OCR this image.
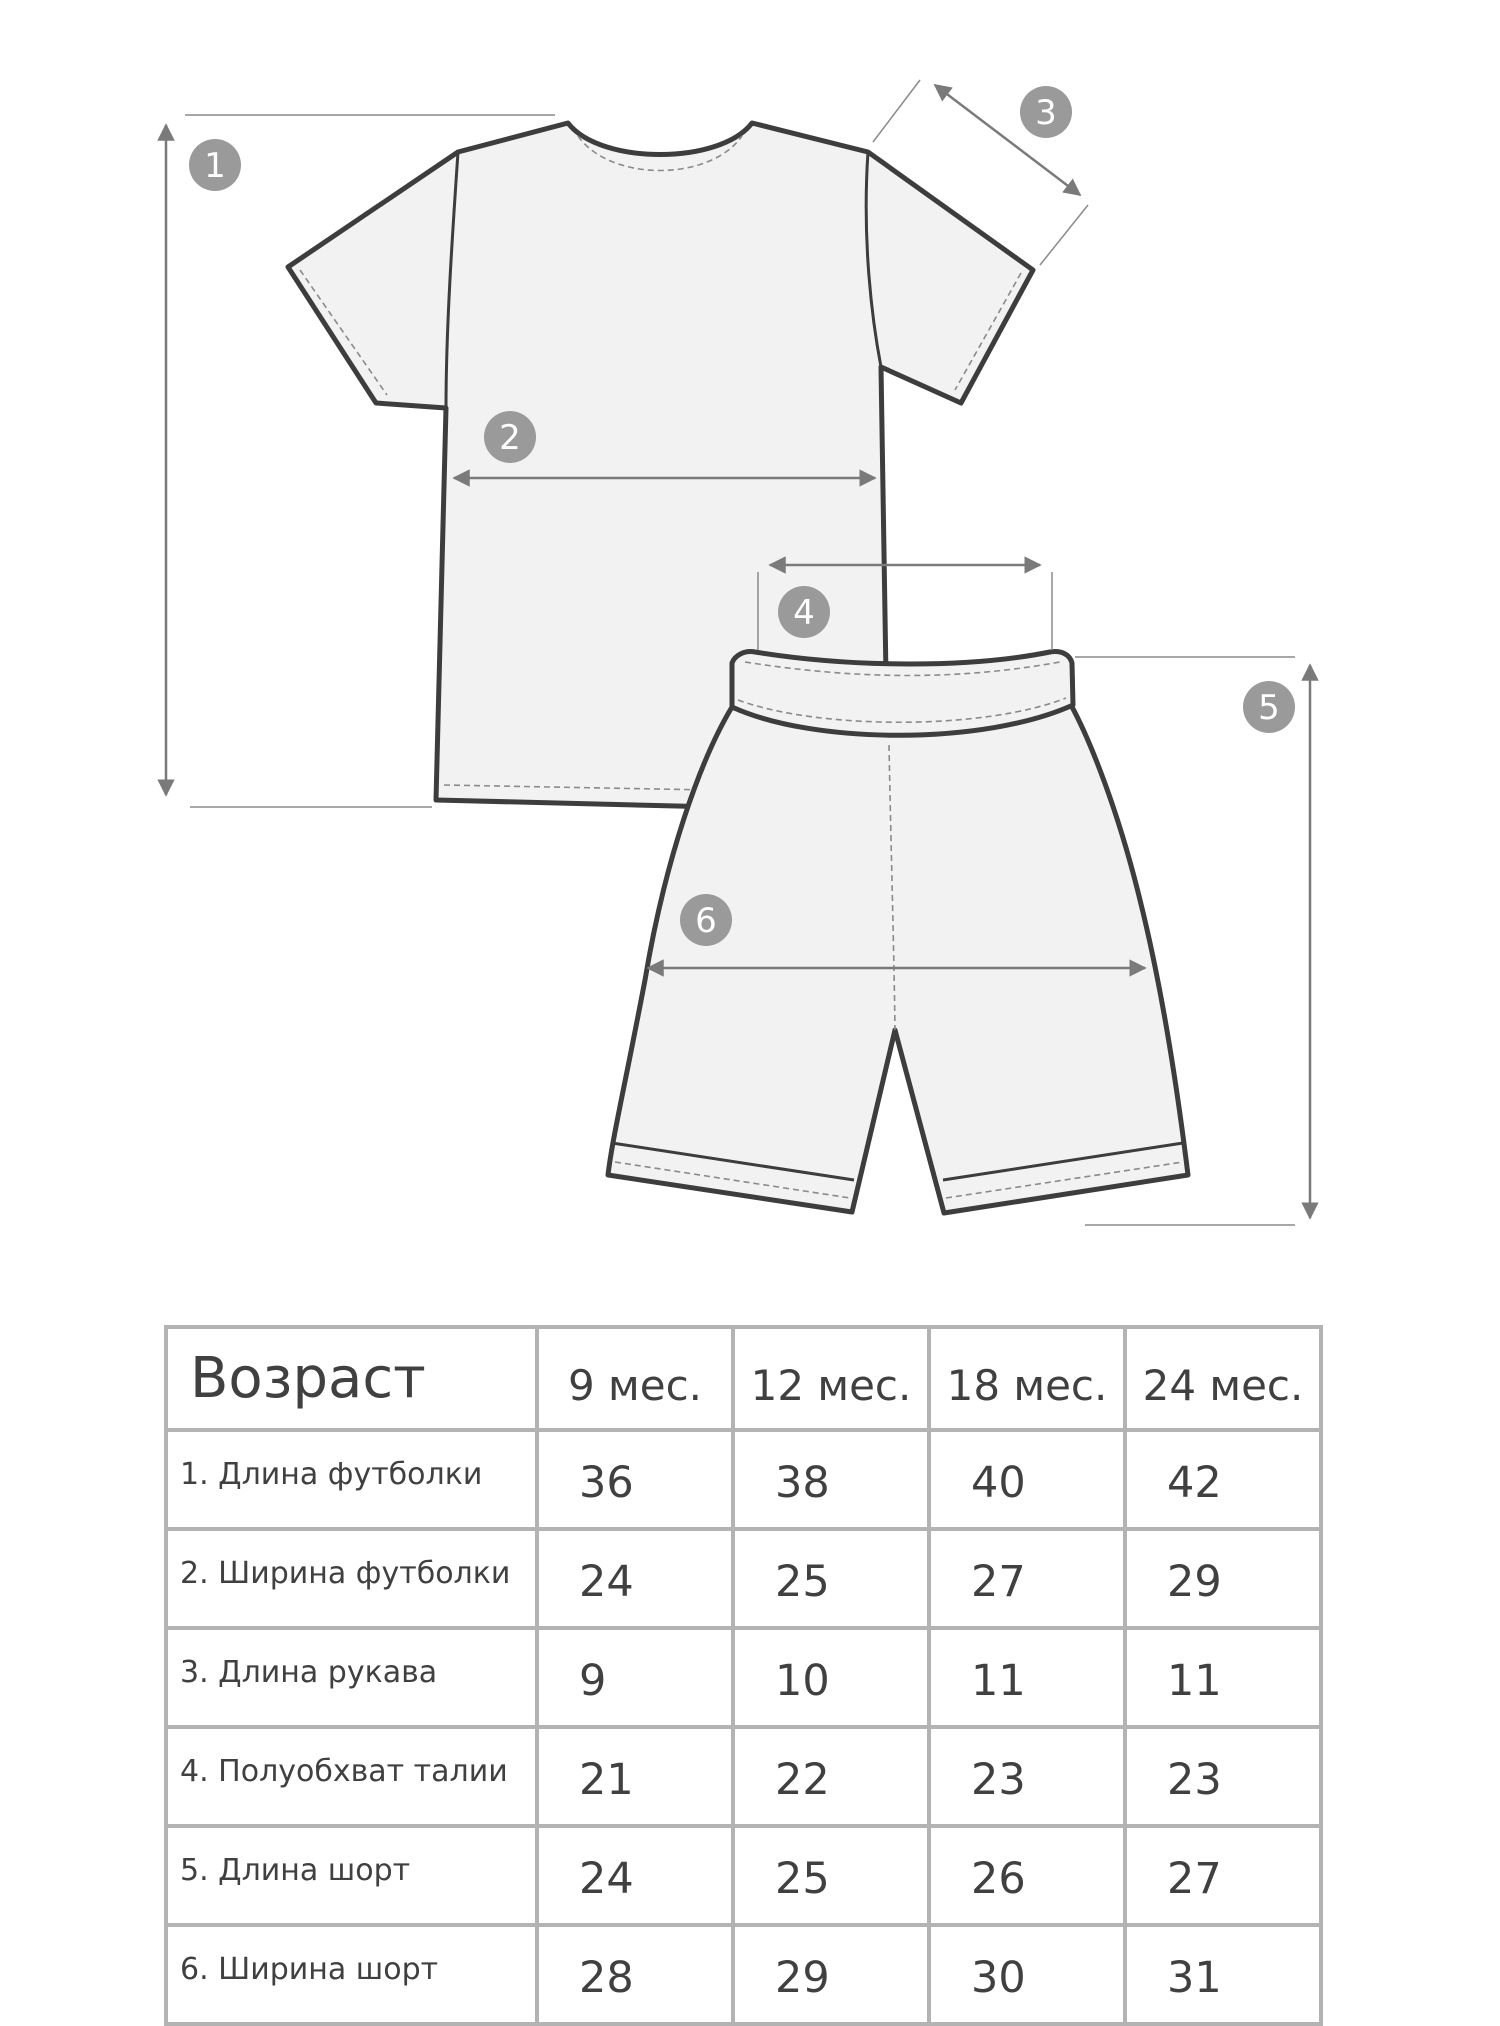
1
2
3
4
5
6
Возраст	9 мес.	12 мес.	18 мес.	24 мес.
1. Длина футболки	36	38	40	42
2. Ширина футболки	24	25	27	29
3. Длина рукава	9	10	11	11
4. Полуобхват талии	21	22	23	23
5. Длина шорт	24	25	26	27
6. Ширина шорт	28	29	30	31
